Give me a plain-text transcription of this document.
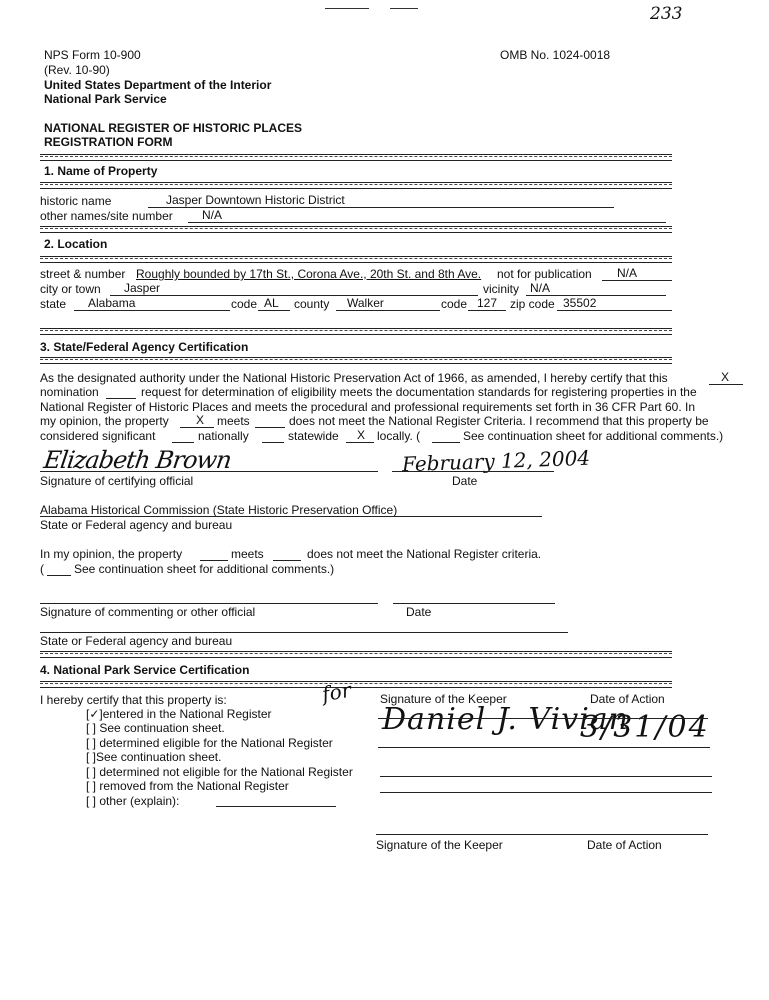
233
NPS Form 10-900
(Rev. 10-90)
United States Department of the Interior
National Park Service
OMB No. 1024-0018
NATIONAL REGISTER OF HISTORIC PLACES
REGISTRATION FORM
1. Name of Property
historic name	Jasper Downtown Historic District
other names/site number N/A
2. Location
street & number Roughly bounded by 17th St., Corona Ave., 20th St. and 8th Ave. not for publication N/A
city or town Jasper	vicinity N/A
state Alabama	code AL county Walker	code 127 zip code 35502
3. State/Federal Agency Certification
As the designated authority under the National Historic Preservation Act of 1966, as amended, I hereby certify that this	X
nomination	request for determination of eligibility meets the documentation standards for registering properties in the
National Register of Historic Places and meets the procedural and professional requirements set forth in 36 CFR Part 60. In
my opinion, the property X meets	does not meet the National Register Criteria. I recommend that this property be
considered significant	nationally	statewide X locally. (	See continuation sheet for additional comments.)
Elizabeth Brown	February 12, 2004
Signature of certifying official	Date
Alabama Historical Commission (State Historic Preservation Office)
State or Federal agency and bureau
In my opinion, the property	meets	does not meet the National Register criteria.
(	See continuation sheet for additional comments.)
Signature of commenting or other official	Date
State or Federal agency and bureau
4. National Park Service Certification
I hereby certify that this property is:
[✓]entered in the National Register
[ ] See continuation sheet.
[ ] determined eligible for the National Register
[ ]See continuation sheet.
[ ] determined not eligible for the National Register
[ ] removed from the National Register
[ ] other (explain):
for Signature of the Keeper	Date of Action
Daniel J. Vivian
3/31/04
Signature of the Keeper	Date of Action
